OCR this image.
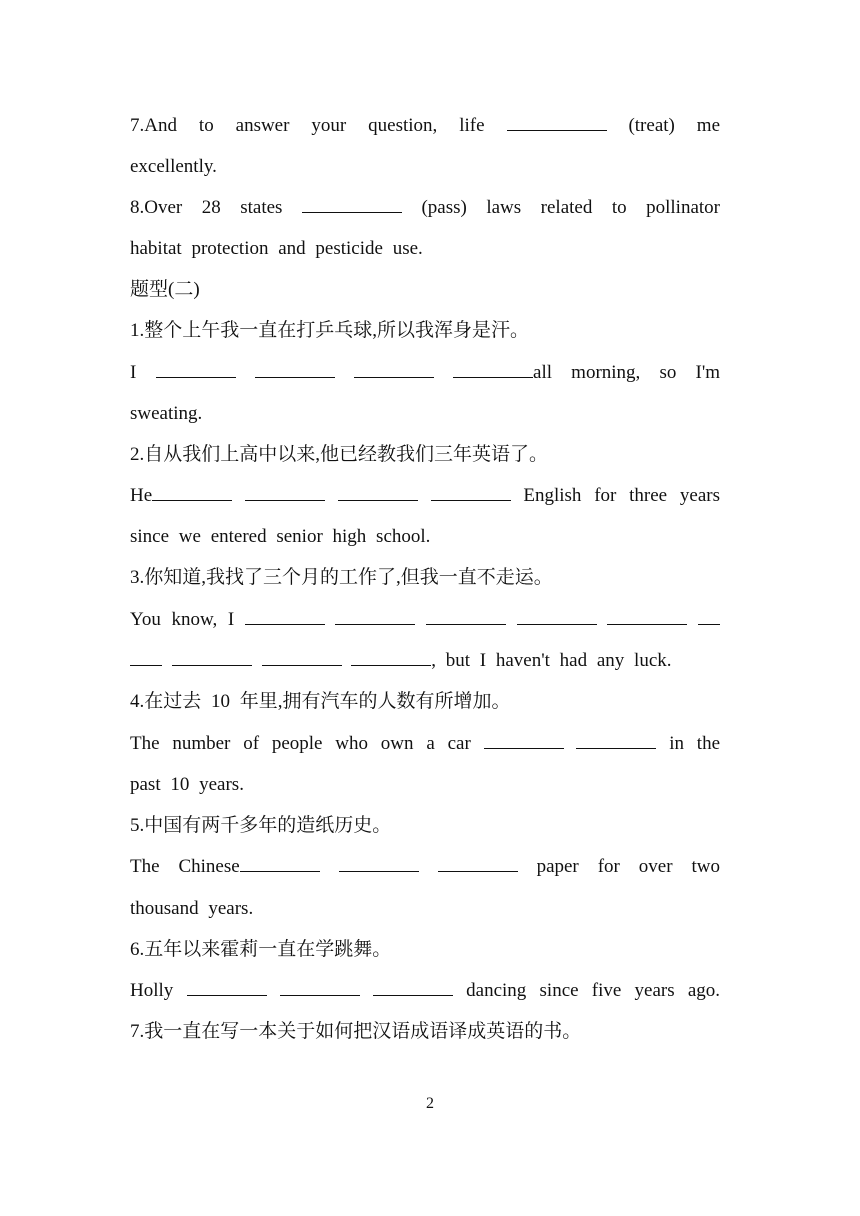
7.And to answer your question, life	(treat) me
excellently.
8.Over 28 states	(pass) laws related to pollinator
habitat protection and pesticide use.
题型(二)
1.整个上午我一直在打乒乓球,所以我浑身是汗。
I	all morning, so I'm
sweating.
2.自从我们上高中以来,他已经教我们三年英语了。
He	English for three years
since we entered senior high school.
3.你知道,我找了三个月的工作了,但我一直不走运。
You know, I
, but I haven't had any luck.
4.在过去 10 年里,拥有汽车的人数有所增加。
The number of people who own a car	in the
past 10 years.
5.中国有两千多年的造纸历史。
The Chinese	paper for over two
thousand years.
6.五年以来霍莉一直在学跳舞。
Holly	dancing since five years ago.
7.我一直在写一本关于如何把汉语成语译成英语的书。
2
